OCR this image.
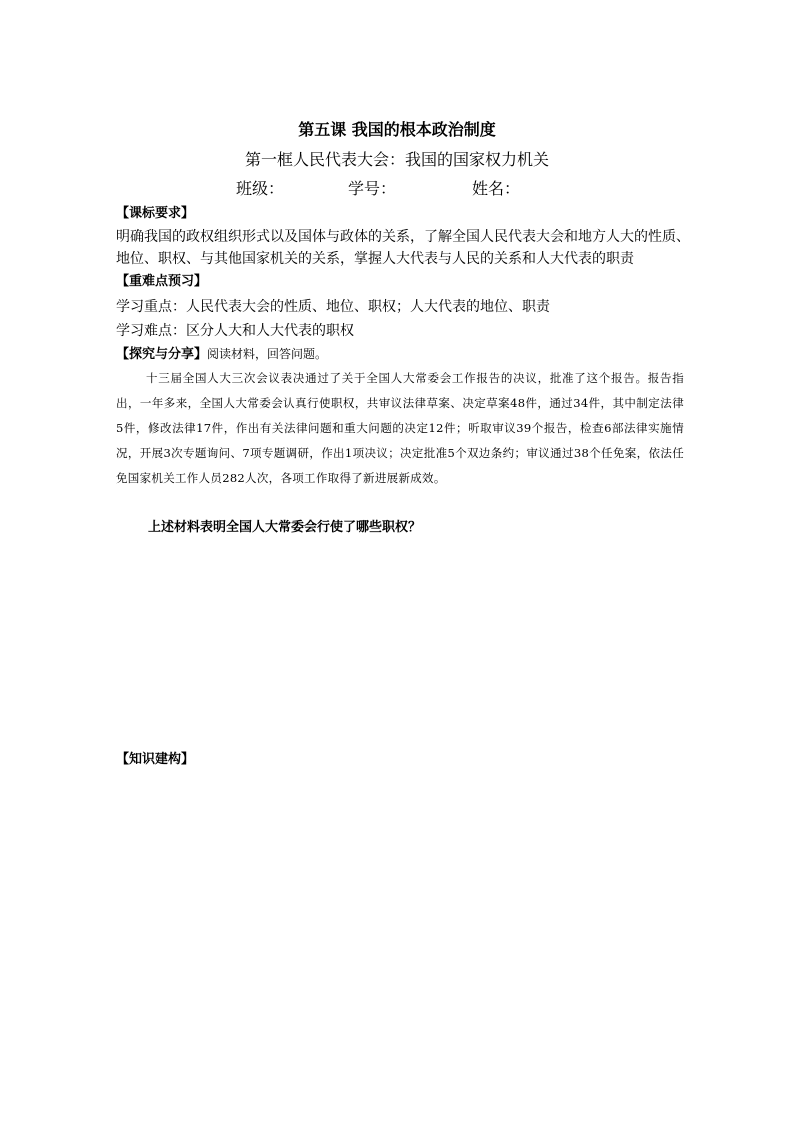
第五课 我国的根本政治制度
第一框人民代表大会：我国的国家权力机关
班级：	学号：	姓名：
【课标要求】
明确我国的政权组织形式以及国体与政体的关系，了解全国人民代表大会和地方人大的性质、
地位、职权、与其他国家机关的关系，掌握人大代表与人民的关系和人大代表的职责
【重难点预习】
学习重点：人民代表大会的性质、地位、职权；人大代表的地位、职责
学习难点：区分人大和人大代表的职权
【探究与分享】阅读材料，回答问题。
十三届全国人大三次会议表决通过了关于全国人大常委会工作报告的决议，批准了这个报告。报告指出，一年多来，全国人大常委会认真行使职权，共审议法律草案、决定草案48件，通过34件，其中制定法律5件，修改法律17件，作出有关法律问题和重大问题的决定12件；听取审议39个报告，检查6部法律实施情况，开展3次专题询问、7项专题调研，作出1项决议；决定批准5个双边条约；审议通过38个任免案，依法任免国家机关工作人员282人次，各项工作取得了新进展新成效。
上述材料表明全国人大常委会行使了哪些职权？
【知识建构】
